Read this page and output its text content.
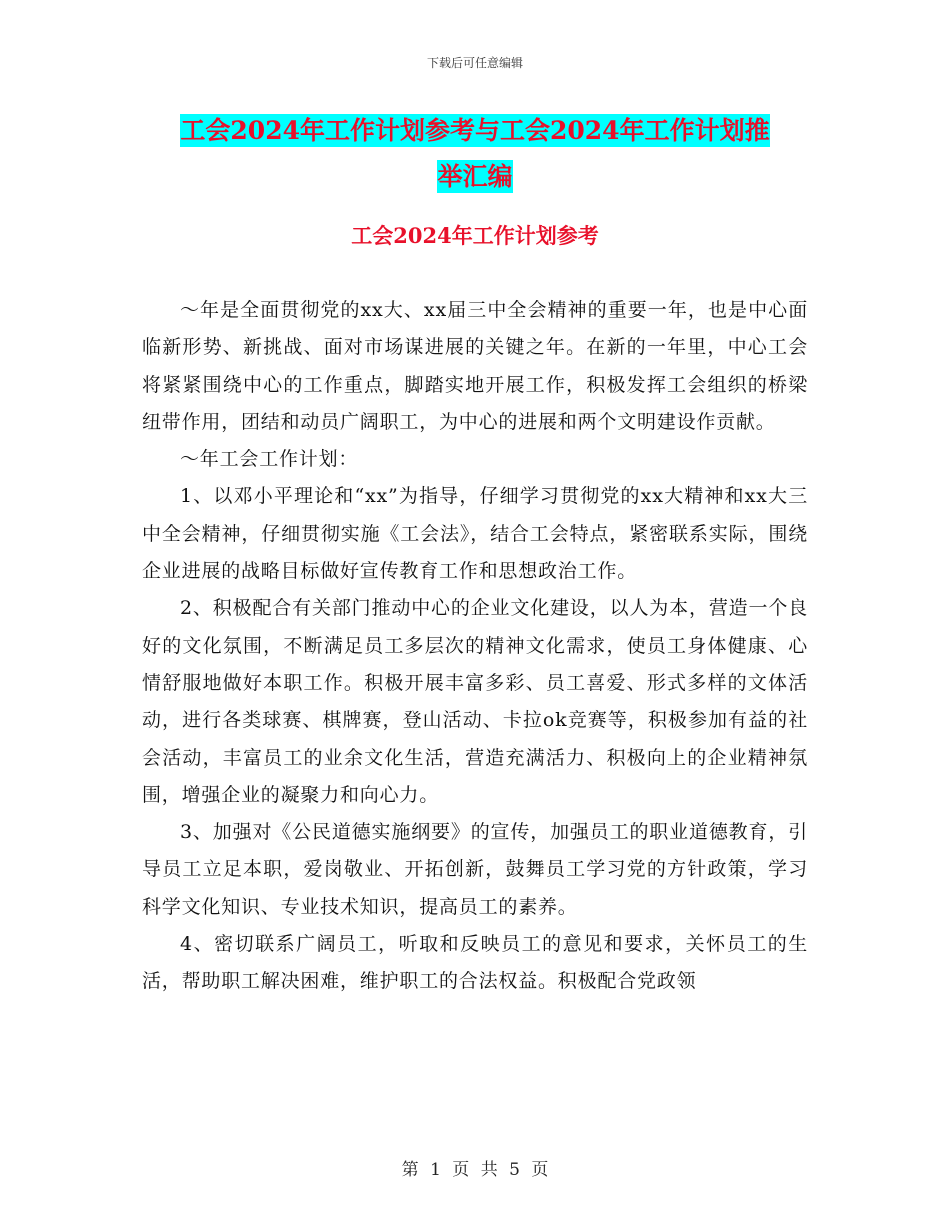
下载后可任意编辑
工会2024年工作计划参考与工会2024年工作计划推
举汇编
工会2024年工作计划参考

～年是全面贯彻党的xx大、xx届三中全会精神的重要一年，也是中心面临新形势、新挑战、面对市场谋进展的关键之年。在新的一年里，中心工会将紧紧围绕中心的工作重点，脚踏实地开展工作，积极发挥工会组织的桥梁纽带作用，团结和动员广阔职工，为中心的进展和两个文明建设作贡献。

～年工会工作计划：

1、以邓小平理论和“xx”为指导，仔细学习贯彻党的xx大精神和xx大三中全会精神，仔细贯彻实施《工会法》，结合工会特点，紧密联系实际，围绕企业进展的战略目标做好宣传教育工作和思想政治工作。

2、积极配合有关部门推动中心的企业文化建设，以人为本，营造一个良好的文化氛围，不断满足员工多层次的精神文化需求，使员工身体健康、心情舒服地做好本职工作。积极开展丰富多彩、员工喜爱、形式多样的文体活动，进行各类球赛、棋牌赛，登山活动、卡拉ok竞赛等，积极参加有益的社会活动，丰富员工的业余文化生活，营造充满活力、积极向上的企业精神氛围，增强企业的凝聚力和向心力。

3、加强对《公民道德实施纲要》的宣传，加强员工的职业道德教育，引导员工立足本职，爱岗敬业、开拓创新，鼓舞员工学习党的方针政策，学习科学文化知识、专业技术知识，提高员工的素养。

4、密切联系广阔员工，听取和反映员工的意见和要求，关怀员工的生活，帮助职工解决困难，维护职工的合法权益。积极配合党政领

第 1 页 共 5 页
